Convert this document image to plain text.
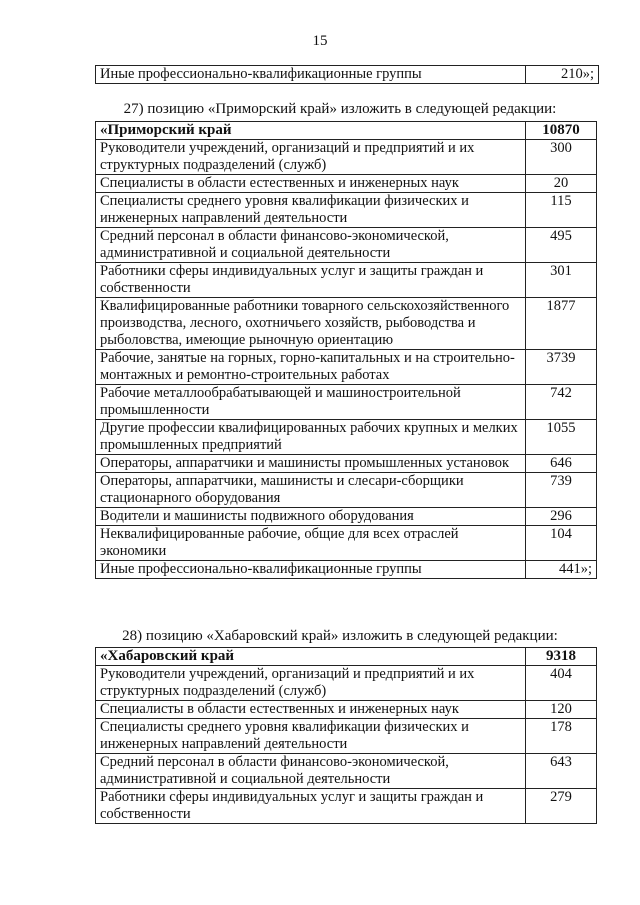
15
Иные профессионально-квалификационные группы	210»;
27) позицию «Приморский край» изложить в следующей редакции:
«Приморский край	10870
Руководители учреждений, организаций и предприятий и их структурных подразделений (служб)	300
Специалисты в области естественных и инженерных наук	20
Специалисты среднего уровня квалификации физических и инженерных направлений деятельности	115
Средний персонал в области финансово-экономической, административной и социальной деятельности	495
Работники сферы индивидуальных услуг и защиты граждан и собственности	301
Квалифицированные работники товарного сельскохозяйственного производства, лесного, охотничьего хозяйств, рыбоводства и рыболовства, имеющие рыночную ориентацию	1877
Рабочие, занятые на горных, горно-капитальных и на строительно-монтажных и ремонтно-строительных работах	3739
Рабочие металлообрабатывающей и машиностроительной промышленности	742
Другие профессии квалифицированных рабочих крупных и мелких промышленных предприятий	1055
Операторы, аппаратчики и машинисты промышленных установок	646
Операторы, аппаратчики, машинисты и слесари-сборщики стационарного оборудования	739
Водители и машинисты подвижного оборудования	296
Неквалифицированные рабочие, общие для всех отраслей экономики	104
Иные профессионально-квалификационные группы	441»;
28) позицию «Хабаровский край» изложить в следующей редакции:
«Хабаровский край	9318
Руководители учреждений, организаций и предприятий и их структурных подразделений (служб)	404
Специалисты в области естественных и инженерных наук	120
Специалисты среднего уровня квалификации физических и инженерных направлений деятельности	178
Средний персонал в области финансово-экономической, административной и социальной деятельности	643
Работники сферы индивидуальных услуг и защиты граждан и собственности	279
